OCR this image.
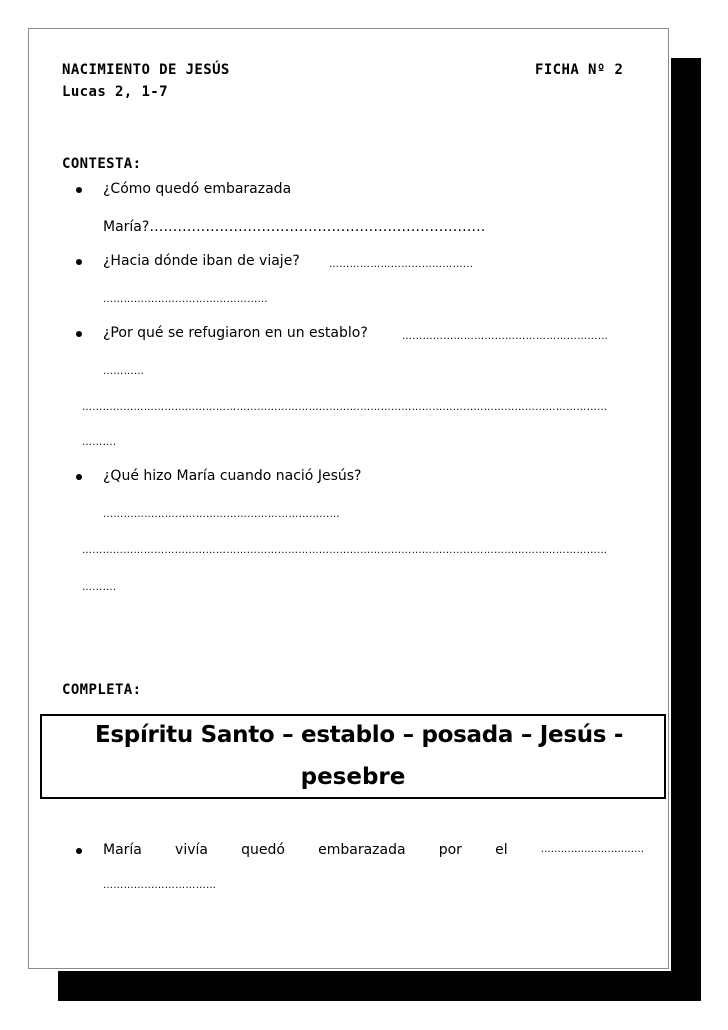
NACIMIENTO DE JESÚS	FICHA Nº 2
Lucas 2, 1-7
CONTESTA:
¿Cómo quedó embarazada
María?………………………………………………………………
¿Hacia dónde iban de viaje?	……………………………………
…………………………………………
¿Por qué se refugiaron en un establo?	……………………………………………………
…………
………………………………………………………………………………………………………………………………………
……….
¿Qué hizo María cuando nació Jesús?
……………………………………………………………
………………………………………………………………………………………………………………………………………
……….
COMPLETA:
Espíritu Santo – establo – posada – Jesús -
pesebre
María vivía quedó embarazada por el	………………………….
……………………………
